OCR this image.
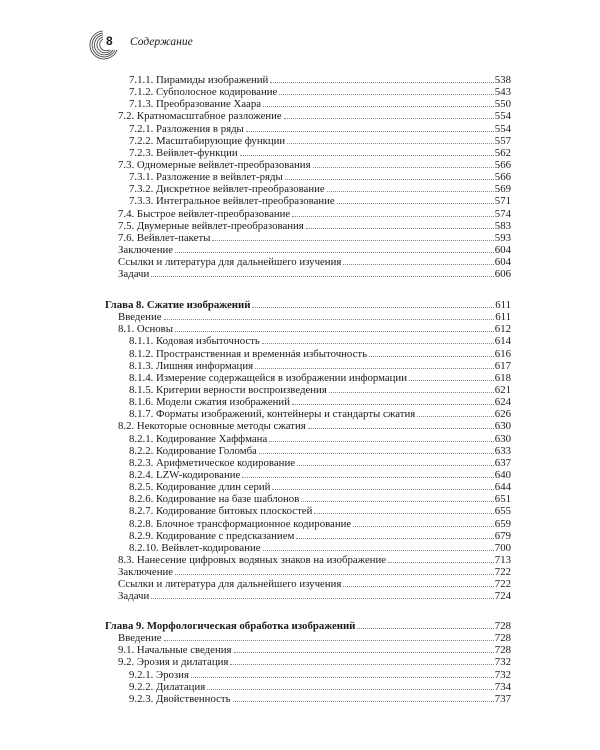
8 Содержание
7.1.1. Пирамиды изображений	538
7.1.2. Субполосное кодирование	543
7.1.3. Преобразование Хаара	550
7.2. Кратномасштабное разложение	554
7.2.1. Разложения в ряды	554
7.2.2. Масштабирующие функции	557
7.2.3. Вейвлет-функции	562
7.3. Одномерные вейвлет-преобразования	566
7.3.1. Разложение в вейвлет-ряды	566
7.3.2. Дискретное вейвлет-преобразование	569
7.3.3. Интегральное вейвлет-преобразование	571
7.4. Быстрое вейвлет-преобразование	574
7.5. Двумерные вейвлет-преобразования	583
7.6. Вейвлет-пакеты	593
Заключение	604
Ссылки и литература для дальнейшего изучения	604
Задачи	606
Глава 8. Сжатие изображений	611
Введение	611
8.1. Основы	612
8.1.1. Кодовая избыточность	614
8.1.2. Пространственная и временнáя избыточность	616
8.1.3. Лишняя информация	617
8.1.4. Измерение содержащейся в изображении информации	618
8.1.5. Критерии верности воспроизведения	621
8.1.6. Модели сжатия изображений	624
8.1.7. Форматы изображений, контейнеры и стандарты сжатия	626
8.2. Некоторые основные методы сжатия	630
8.2.1. Кодирование Хаффмана	630
8.2.2. Кодирование Голомба	633
8.2.3. Арифметическое кодирование	637
8.2.4. LZW-кодирование	640
8.2.5. Кодирование длин серий	644
8.2.6. Кодирование на базе шаблонов	651
8.2.7. Кодирование битовых плоскостей	655
8.2.8. Блочное трансформационное кодирование	659
8.2.9. Кодирование с предсказанием	679
8.2.10. Вейвлет-кодирование	700
8.3. Нанесение цифровых водяных знаков на изображение	713
Заключение	722
Ссылки и литература для дальнейшего изучения	722
Задачи	724
Глава 9. Морфологическая обработка изображений	728
Введение	728
9.1. Начальные сведения	728
9.2. Эрозия и дилатация	732
9.2.1. Эрозия	732
9.2.2. Дилатация	734
9.2.3. Двойственность	737
